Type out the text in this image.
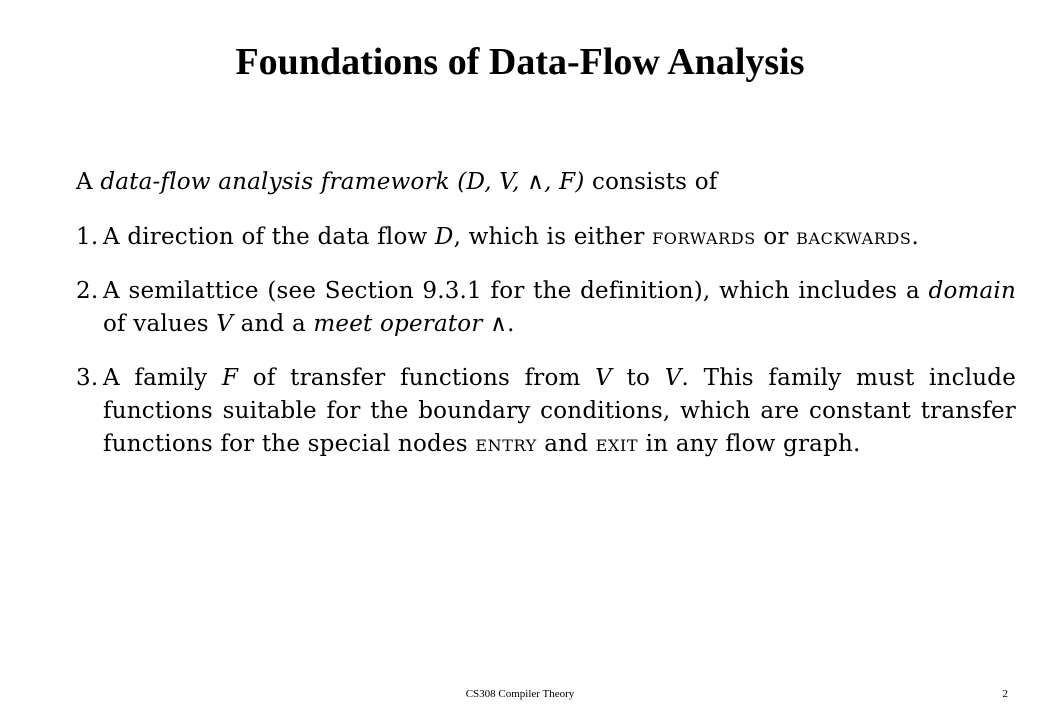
Foundations of Data-Flow Analysis

A data-flow analysis framework (D, V, ∧, F) consists of

1. A direction of the data flow D, which is either forwards or backwards.
2. A semilattice (see Section 9.3.1 for the definition), which includes a domain of values V and a meet operator ∧.
3. A family F of transfer functions from V to V. This family must include functions suitable for the boundary conditions, which are constant transfer functions for the special nodes entry and exit in any flow graph.
CS308 Compiler Theory	2
